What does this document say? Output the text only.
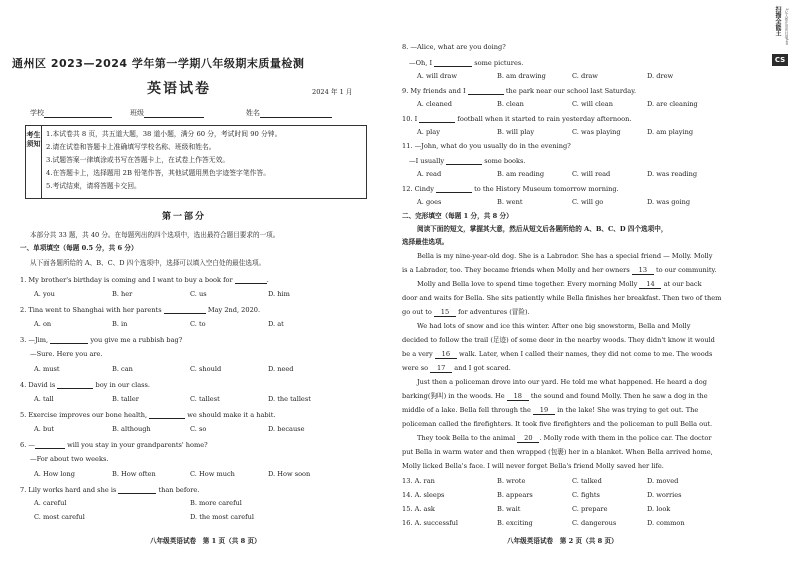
通州区 2023—2024 学年第一学期八年级期末质量检测
英语试卷	2024 年 1 月
学校	班级	姓名
考生须知
1.本试卷共 8 页，共五道大题，38 道小题，满分 60 分，考试时间 90 分钟。
2.请在试卷和答题卡上准确填写学校名称、班级和姓名。
3.试题答案一律填涂或书写在答题卡上，在试卷上作答无效。
4.在答题卡上，选择题用 2B 铅笔作答，其他试题用黑色字迹签字笔作答。
5.考试结束，请将答题卡交回。
第一部分
本部分共 33 题，共 40 分。在每题列出的四个选项中，选出最符合题目要求的一项。
一、单项填空（每题 0.5 分，共 6 分）
从下面各题所给的 A、B、C、D 四个选项中，选择可以填入空白处的最佳选项。
1. My brother's birthday is coming and I want to buy a book for	.
A. you	B. her	C. us	D. him
2. Tina went to Shanghai with her parents	May 2nd, 2020.
A. on	B. in	C. to	D. at
3. —Jim,	you give me a rubbish bag?
—Sure. Here you are.
A. must	B. can	C. should	D. need
4. David is	boy in our class.
A. tall	B. taller	C. tallest	D. the tallest
5. Exercise improves our bone health,	we should make it a habit.
A. but	B. although	C. so	D. because
6. —	will you stay in your grandparents' home?
—For about two weeks.
A. How long	B. How often	C. How much	D. How soon
7. Lily works hard and she is	than before.
A. careful	B. more careful
C. most careful	D. the most careful
八年级英语试卷　第 1 页（共 8 页）
8. —Alice, what are you doing?
—Oh, I	some pictures.
A. will draw	B. am drawing	C. draw	D. drew
9. My friends and I	the park near our school last Saturday.
A. cleaned	B. clean	C. will clean	D. are cleaning
10. I	football when it started to rain yesterday afternoon.
A. play	B. will play	C. was playing	D. am playing
11. —John, what do you usually do in the evening?
—I usually	some books.
A. read	B. am reading	C. will read	D. was reading
12. Cindy	to the History Museum tomorrow morning.
A. goes	B. went	C. will go	D. was going
二、完形填空（每题 1 分，共 8 分）
阅读下面的短文，掌握其大意，然后从短文后各题所给的 A、B、C、D 四个选项中，
选择最佳选项。
Bella is my nine-year-old dog. She is a Labrador. She has a special friend — Molly. Molly
is a Labrador, too. They became friends when Molly and her owners 13 to our community.
Molly and Bella love to spend time together. Every morning Molly 14 at our back
door and waits for Bella. She sits patiently while Bella finishes her breakfast. Then two of them
go out to 15 for adventures (冒险).
We had lots of snow and ice this winter. After one big snowstorm, Bella and Molly
decided to follow the trail (足迹) of some deer in the nearby woods. They didn't know it would
be a very 16 walk. Later, when I called their names, they did not come to me. The woods
were so 17 and I got scared.
Just then a policeman drove into our yard. He told me what happened. He heard a dog
barking(狗叫) in the woods. He 18 the sound and found Molly. Then he saw a dog in the
middle of a lake. Bella fell through the 19 in the lake! She was trying to get out. The
policeman called the firefighters. It took five firefighters and the policeman to pull Bella out.
They took Bella to the animal 20 . Molly rode with them in the police car. The doctor
put Bella in warm water and then wrapped (包裹) her in a blanket. When Bella arrived home,
Molly licked Bella's face. I will never forget Bella's friend Molly saved her life.
13. A. ran	B. wrote	C. talked	D. moved
14. A. sleeps	B. appears	C. fights	D. worries
15. A. ask	B. wait	C. prepare	D. look
16. A. successful	B. exciting	C. dangerous	D. common
八年级英语试卷　第 2 页（共 8 页）
扫描全能王
CS
3亿人都在用的扫描App
